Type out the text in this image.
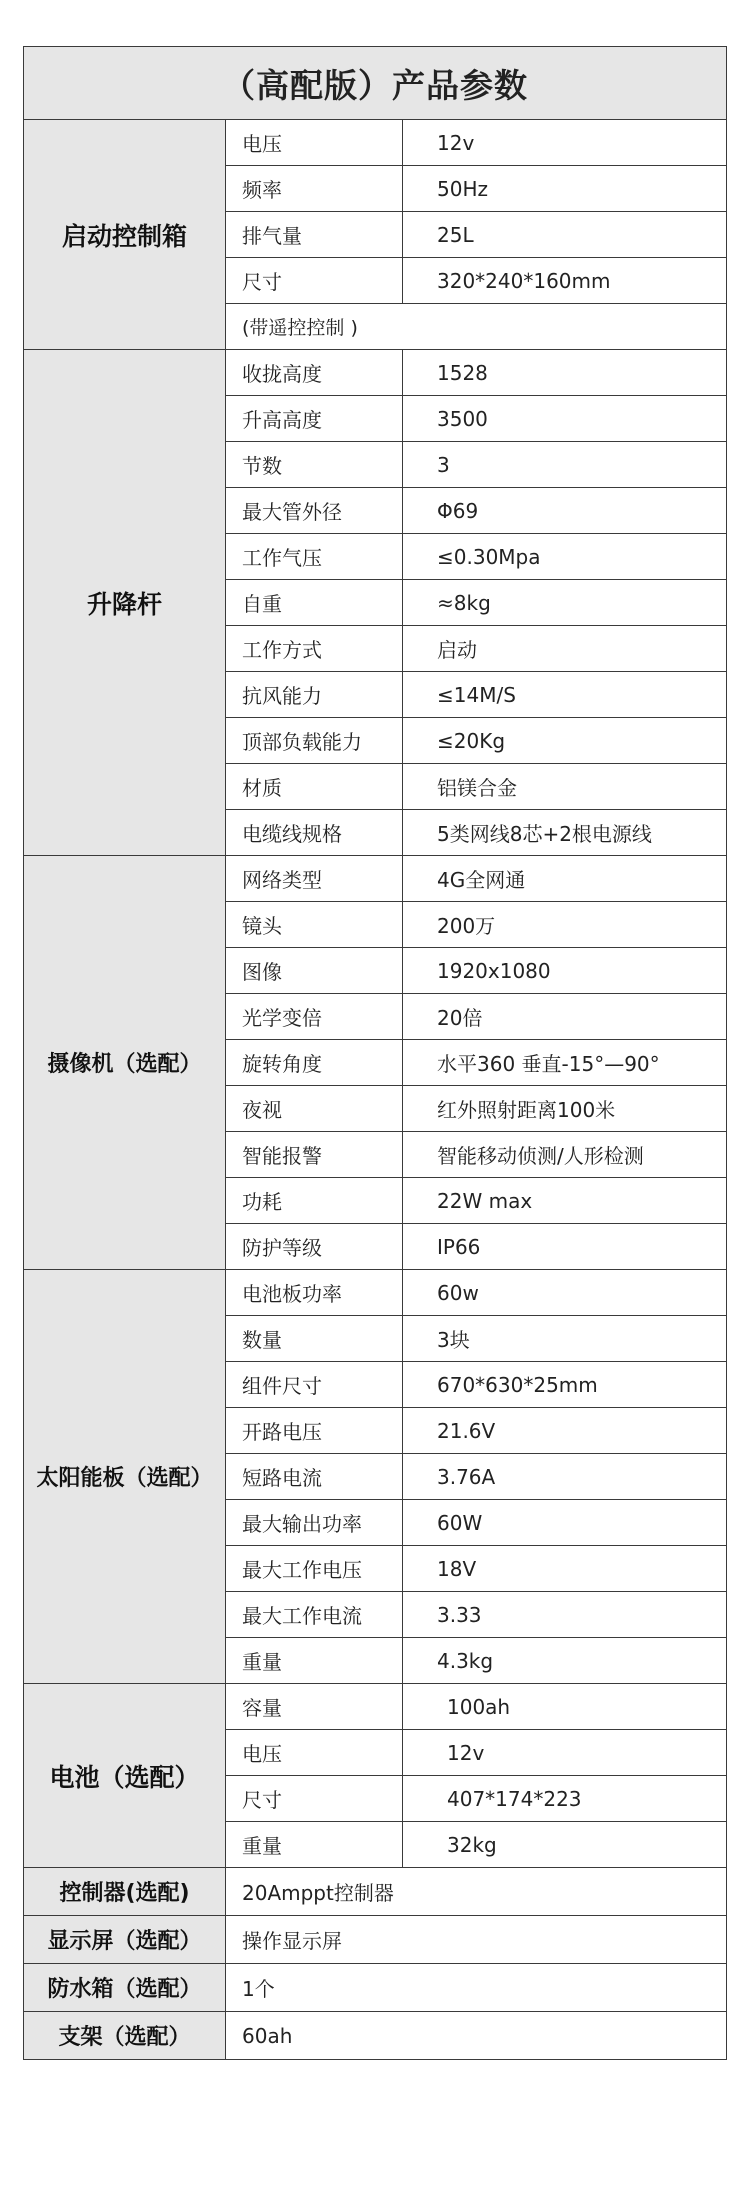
（高配版）产品参数		
启动控制箱	电压	12v
	频率	50Hz
	排气量	25L
	尺寸	320*240*160mm
	(带遥控控制 )	
升降杆	收拢高度	1528
	升高高度	3500
	节数	3
	最大管外径	Φ69
	工作气压	≤0.30Mpa
	自重	≈8kg
	工作方式	启动
	抗风能力	≤14M/S
	顶部负载能力	≤20Kg
	材质	铝镁合金
	电缆线规格	5类网线8芯+2根电源线
摄像机（选配）	网络类型	4G全网通
	镜头	200万
	图像	1920x1080
	光学变倍	20倍
	旋转角度	水平360 垂直-15°—90°
	夜视	红外照射距离100米
	智能报警	智能移动侦测/人形检测
	功耗	22W max
	防护等级	IP66
太阳能板（选配）	电池板功率	60w
	数量	3块
	组件尺寸	670*630*25mm
	开路电压	21.6V
	短路电流	3.76A
	最大输出功率	60W
	最大工作电压	18V
	最大工作电流	3.33
	重量	4.3kg
电池（选配）	容量	100ah
	电压	12v
	尺寸	407*174*223
	重量	32kg
控制器(选配)	20Amppt控制器	
显示屏（选配）	操作显示屏	
防水箱（选配）	1个	
支架（选配）	60ah	
